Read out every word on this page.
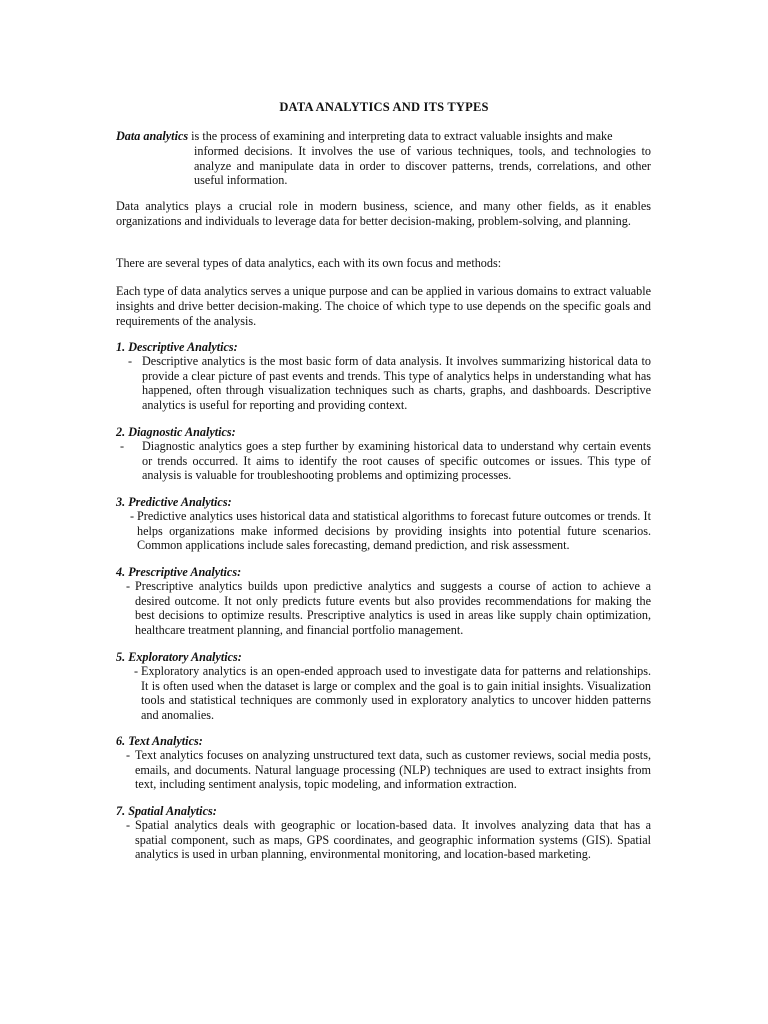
DATA ANALYTICS AND ITS TYPES
Data analytics is the process of examining and interpreting data to extract valuable insights and make
informed decisions. It involves the use of various techniques, tools, and technologies to analyze and manipulate data in order to discover patterns, trends, correlations, and other useful information.
Data analytics plays a crucial role in modern business, science, and many other fields, as it enables organizations and individuals to leverage data for better decision-making, problem-solving, and planning.
There are several types of data analytics, each with its own focus and methods:
Each type of data analytics serves a unique purpose and can be applied in various domains to extract valuable insights and drive better decision-making. The choice of which type to use depends on the specific goals and requirements of the analysis.
1. Descriptive Analytics:
- Descriptive analytics is the most basic form of data analysis. It involves summarizing historical data to provide a clear picture of past events and trends. This type of analytics helps in understanding what has happened, often through visualization techniques such as charts, graphs, and dashboards. Descriptive analytics is useful for reporting and providing context.
2. Diagnostic Analytics:
-	Diagnostic analytics goes a step further by examining historical data to understand why certain events or trends occurred. It aims to identify the root causes of specific outcomes or issues. This type of analysis is valuable for troubleshooting problems and optimizing processes.
3. Predictive Analytics:
- Predictive analytics uses historical data and statistical algorithms to forecast future outcomes or trends. It helps organizations make informed decisions by providing insights into potential future scenarios. Common applications include sales forecasting, demand prediction, and risk assessment.
4. Prescriptive Analytics:
- Prescriptive analytics builds upon predictive analytics and suggests a course of action to achieve a desired outcome. It not only predicts future events but also provides recommendations for making the best decisions to optimize results. Prescriptive analytics is used in areas like supply chain optimization, healthcare treatment planning, and financial portfolio management.
5. Exploratory Analytics:
- Exploratory analytics is an open-ended approach used to investigate data for patterns and relationships. It is often used when the dataset is large or complex and the goal is to gain initial insights. Visualization tools and statistical techniques are commonly used in exploratory analytics to uncover hidden patterns and anomalies.
6. Text Analytics:
- Text analytics focuses on analyzing unstructured text data, such as customer reviews, social media posts, emails, and documents. Natural language processing (NLP) techniques are used to extract insights from text, including sentiment analysis, topic modeling, and information extraction.
7. Spatial Analytics:
- Spatial analytics deals with geographic or location-based data. It involves analyzing data that has a spatial component, such as maps, GPS coordinates, and geographic information systems (GIS). Spatial analytics is used in urban planning, environmental monitoring, and location-based marketing.
